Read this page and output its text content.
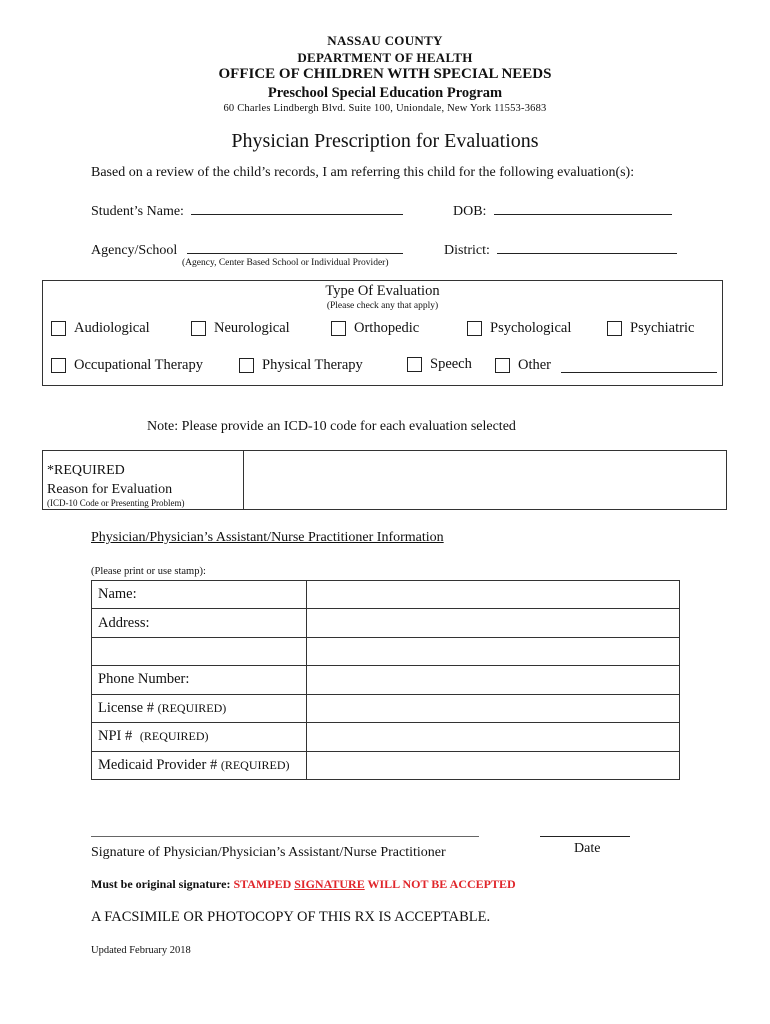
NASSAU COUNTY
DEPARTMENT OF HEALTH
OFFICE OF CHILDREN WITH SPECIAL NEEDS
Preschool Special Education Program
60 Charles Lindbergh Blvd. Suite 100, Uniondale, New York 11553-3683
Physician Prescription for Evaluations
Based on a review of the child’s records, I am referring this child for the following evaluation(s):
Student’s Name:	DOB:
Agency/School
(Agency, Center Based School or Individual Provider)
District:
Type Of Evaluation
(Please check any that apply)
Audiological	Neurological	Orthopedic	Psychological	Psychiatric
Occupational Therapy	Physical Therapy	Speech	Other
Note: Please provide an ICD-10 code for each evaluation selected
*REQUIRED
Reason for Evaluation
(ICD-10 Code or Presenting Problem)
Physician/Physician’s Assistant/Nurse Practitioner Information
(Please print or use stamp):
Name:	
Address:	

Phone Number:	
License # (REQUIRED)	
NPI # (REQUIRED)	
Medicaid Provider # (REQUIRED)	
Signature of Physician/Physician’s Assistant/Nurse Practitioner	Date
Must be original signature: STAMPED SIGNATURE WILL NOT BE ACCEPTED
A FACSIMILE OR PHOTOCOPY OF THIS RX IS ACCEPTABLE.
Updated February 2018
